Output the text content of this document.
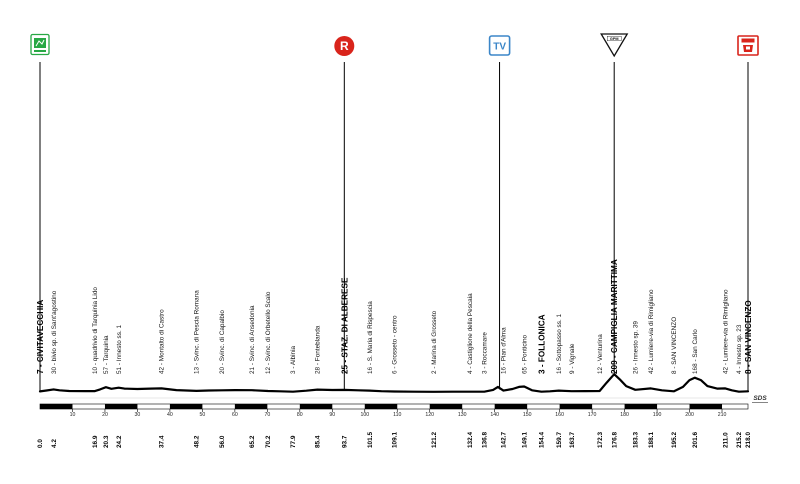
R	TV
GPM
10	20	30	40	50	60	70	80	90	100	110	120	130	140	150	160	170	180	190	200	210
7 - CIVITAVECCHIA 30 - bivio sp. di Sant'agostino	10 - quadrivio di Tarquinia Lido 57 - Tarquinia 51 - Innesto ss. 1	42 - Montalto di Castro	13 - Svinc. di Pescia Romana	20 - Svinc. di Capalbio	21 - Svinc. di Ansedonia 12 - Svinc. di Orbetello Scalo	3 - Albinia	28 - Fonteblanda 25 - STAZ. DI ALBERESE	16 - S. Maria di Rispescia	6 - Grosseto - centro	2 - Marina di Grosseto	4 - Castiglione della Pescaia 3 - Roccamare 16 - Pian d'Alma 65 - Ponticino 3 - FOLLONICA 16 - Sottopasso ss. 1 9 - Vignale	12 - Venturina 209 - CAMPIGLIA MARITTIMA 26 - Innesto sp. 39 42 - Lumiere-via di Rimigliano	8 - SAN VINCENZO 168 - San Carlo	42 - Lumiere-via di Rimigliano 4 - Innesto sp. 23 8 - SAN VINCENZO
0.0 4.2	16.9 20.3 24.2	37.4	48.2	56.0	65.2 70.2	77.9	85.4	93.7	101.5	109.1	121.2	132.4 136.8 142.7 149.1 154.4 159.7 163.7	172.3 176.8 183.3 188.1	195.2 201.6	211.0 215.2 218.0
SDS
